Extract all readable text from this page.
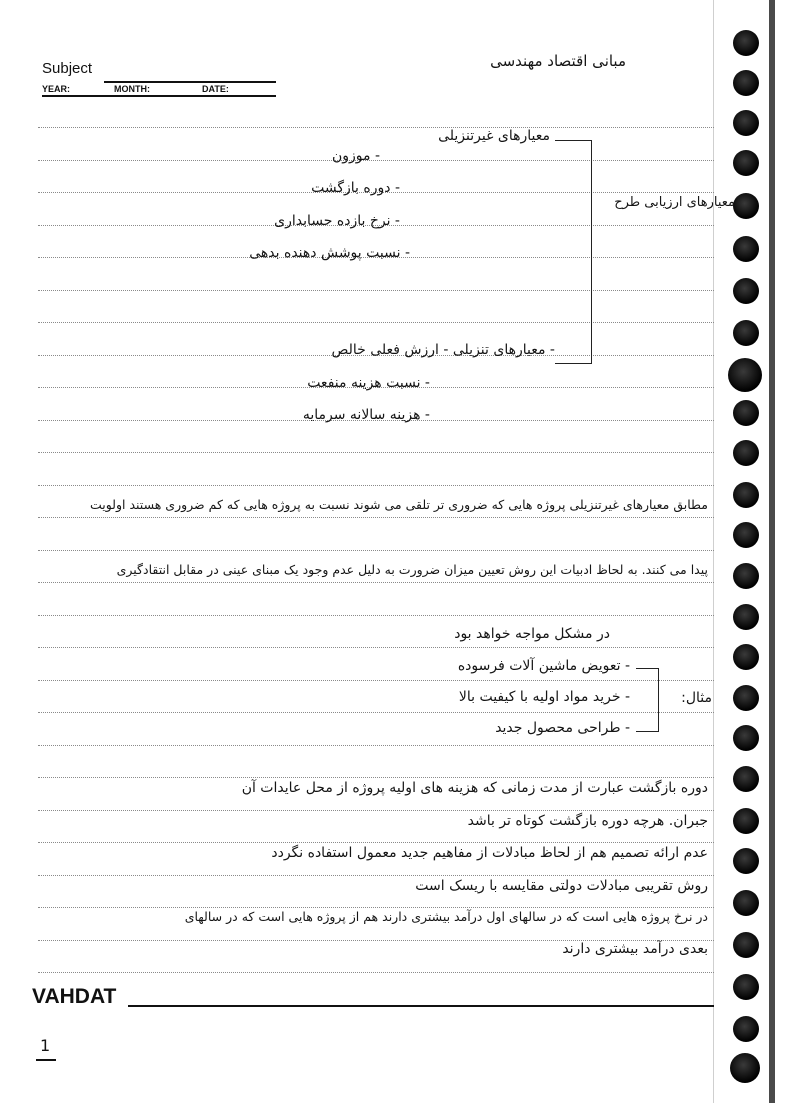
Subject
YEAR:	MONTH:	DATE:
مبانی اقتصاد مهندسی
معیارهای غیرتنزیلی
معیارهای ارزیابی طرح
- موزون
- دوره بازگشت
- نرخ بازده حسابداری
- نسبت پوشش دهنده بدهی
- معیارهای تنزیلی - ارزش فعلی خالص
- نسبت هزینه منفعت
- هزینه سالانه سرمایه
مطابق معیارهای غیرتنزیلی پروژه هایی که ضروری تر تلقی می شوند نسبت به پروژه هایی که کم ضروری هستند اولویت
پیدا می کنند. به لحاظ ادبیات این روش تعیین میزان ضرورت به دلیل عدم وجود یک مبنای عینی در مقابل انتقادگیری
در مشکل مواجه خواهد بود
- تعویض ماشین آلات فرسوده
- خرید مواد اولیه با کیفیت بالا
- طراحی محصول جدید
مثال:
دوره بازگشت عبارت از مدت زمانی که هزینه های اولیه پروژه از محل عایدات آن
جبران. هرچه دوره بازگشت کوتاه تر باشد
عدم ارائه تصمیم هم از لحاظ مبادلات از مفاهیم جدید معمول استفاده نگردد
روش تقریبی مبادلات دولتی مقایسه با ریسک است
در نرخ پروژه هایی است که در سالهای اول درآمد بیشتری دارند هم از پروژه هایی است که در سالهای
بعدی درآمد بیشتری دارند
VAHDAT
1
